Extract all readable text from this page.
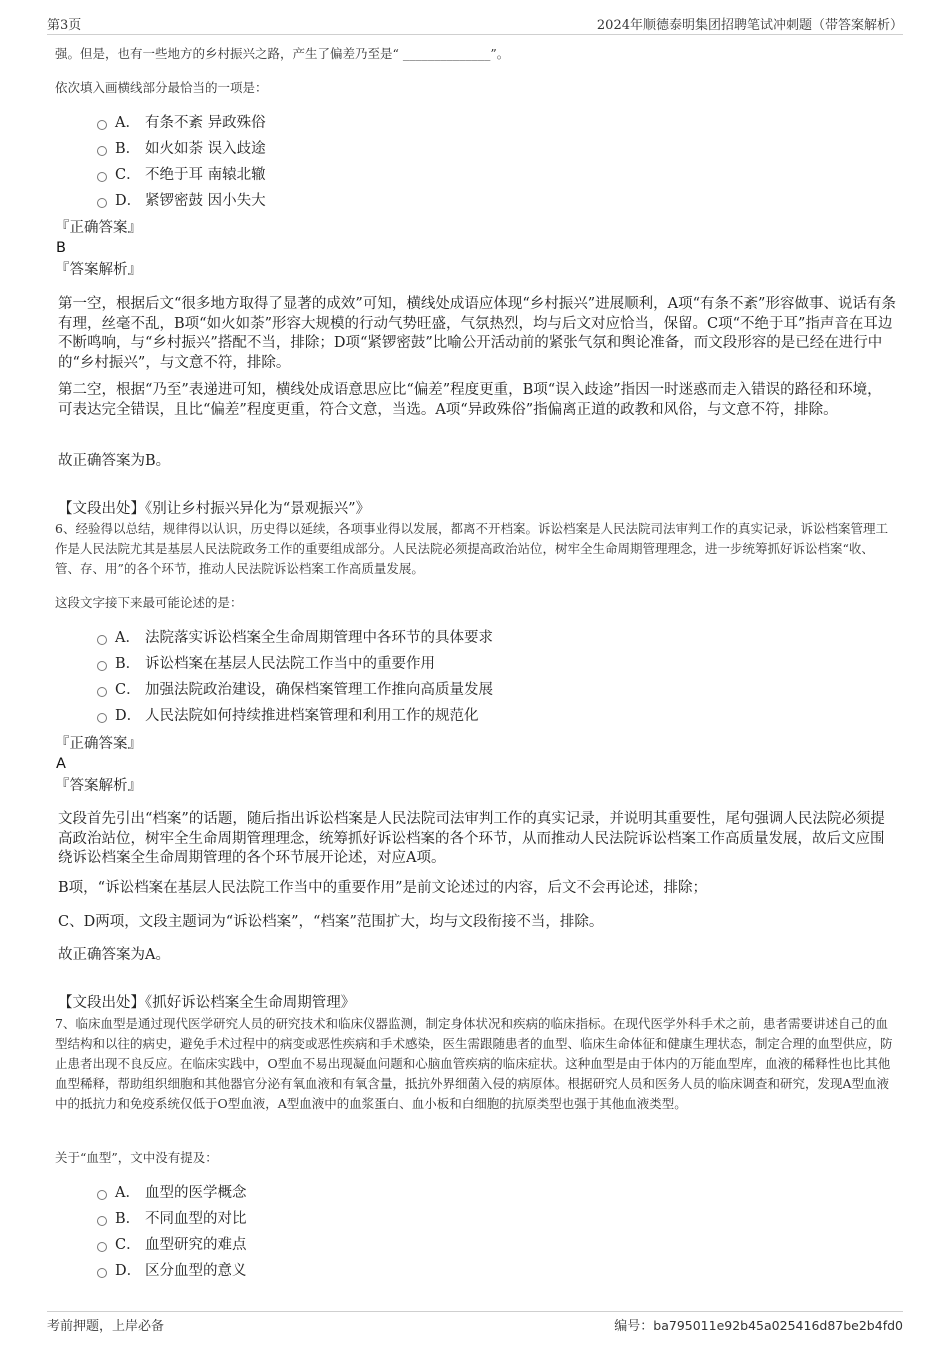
第3页	2024年顺德泰明集团招聘笔试冲刺题（带答案解析）

强。但是，也有一些地方的乡村振兴之路，产生了偏差乃至是“ ______________”。

依次填入画横线部分最恰当的一项是：

A． 有条不紊 异政殊俗
B． 如火如荼 误入歧途
C． 不绝于耳 南辕北辙
D． 紧锣密鼓 因小失大
『正确答案』
B
『答案解析』

第一空，根据后文“很多地方取得了显著的成效”可知，横线处成语应体现“乡村振兴”进展顺利，A项“有条不紊”形容做事、说话有条有理，丝毫不乱，B项“如火如荼”形容大规模的行动气势旺盛，气氛热烈，均与后文对应恰当，保留。C项“不绝于耳”指声音在耳边不断鸣响，与“乡村振兴”搭配不当，排除；D项“紧锣密鼓”比喻公开活动前的紧张气氛和舆论准备，而文段形容的是已经在进行中的“乡村振兴”，与文意不符，排除。

第二空，根据“乃至”表递进可知，横线处成语意思应比“偏差”程度更重，B项“误入歧途”指因一时迷惑而走入错误的路径和环境，可表达完全错误，且比“偏差”程度更重，符合文意，当选。A项“异政殊俗”指偏离正道的政教和风俗，与文意不符，排除。

故正确答案为B。

【文段出处】《别让乡村振兴异化为“景观振兴”》

6、经验得以总结，规律得以认识，历史得以延续，各项事业得以发展，都离不开档案。诉讼档案是人民法院司法审判工作的真实记录，诉讼档案管理工作是人民法院尤其是基层人民法院政务工作的重要组成部分。人民法院必须提高政治站位，树牢全生命周期管理理念，进一步统筹抓好诉讼档案“收、管、存、用”的各个环节，推动人民法院诉讼档案工作高质量发展。

这段文字接下来最可能论述的是：

A． 法院落实诉讼档案全生命周期管理中各环节的具体要求
B． 诉讼档案在基层人民法院工作当中的重要作用
C． 加强法院政治建设，确保档案管理工作推向高质量发展
D． 人民法院如何持续推进档案管理和利用工作的规范化
『正确答案』
A
『答案解析』

文段首先引出“档案”的话题，随后指出诉讼档案是人民法院司法审判工作的真实记录，并说明其重要性，尾句强调人民法院必须提高政治站位，树牢全生命周期管理理念，统筹抓好诉讼档案的各个环节，从而推动人民法院诉讼档案工作高质量发展，故后文应围绕诉讼档案全生命周期管理的各个环节展开论述，对应A项。

B项，“诉讼档案在基层人民法院工作当中的重要作用”是前文论述过的内容，后文不会再论述，排除；

C、D两项，文段主题词为“诉讼档案”，“档案”范围扩大，均与文段衔接不当，排除。

故正确答案为A。

【文段出处】《抓好诉讼档案全生命周期管理》

7、临床血型是通过现代医学研究人员的研究技术和临床仪器监测，制定身体状况和疾病的临床指标。在现代医学外科手术之前，患者需要讲述自己的血型结构和以往的病史，避免手术过程中的病变或恶性疾病和手术感染，医生需跟随患者的血型、临床生命体征和健康生理状态，制定合理的血型供应，防止患者出现不良反应。在临床实践中，O型血不易出现凝血问题和心脑血管疾病的临床症状。这种血型是由于体内的万能血型库，血液的稀释性也比其他血型稀释，帮助组织细胞和其他器官分泌有氧血液和有氧含量，抵抗外界细菌入侵的病原体。根据研究人员和医务人员的临床调查和研究，发现A型血液中的抵抗力和免疫系统仅低于O型血液，A型血液中的血浆蛋白、血小板和白细胞的抗原类型也强于其他血液类型。

关于“血型”，文中没有提及：

A． 血型的医学概念
B． 不同血型的对比
C． 血型研究的难点
D． 区分血型的意义
考前押题，上岸必备	编号：ba795011e92b45a025416d87be2b4fd0
